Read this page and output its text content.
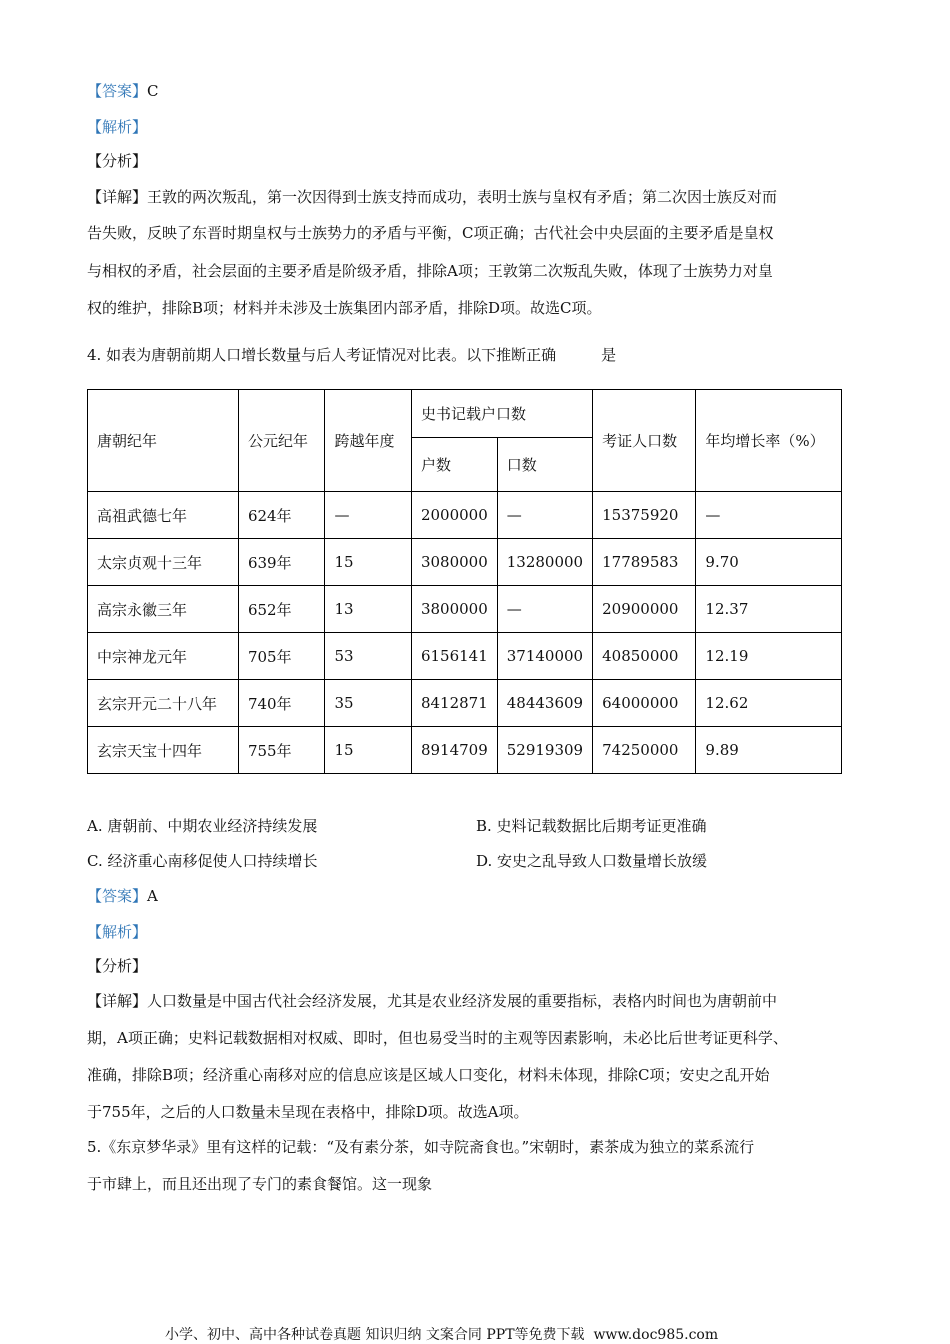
【答案】C
【解析】
【分析】
【详解】王敦的两次叛乱，第一次因得到士族支持而成功，表明士族与皇权有矛盾；第二次因士族反对而
告失败，反映了东晋时期皇权与士族势力的矛盾与平衡，C项正确；古代社会中央层面的主要矛盾是皇权
与相权的矛盾，社会层面的主要矛盾是阶级矛盾，排除A项；王敦第二次叛乱失败，体现了士族势力对皇
权的维护，排除B项；材料并未涉及士族集团内部矛盾，排除D项。故选C项。
4. 如表为唐朝前期人口增长数量与后人考证情况对比表。以下推断正确　　　是
唐朝纪年	公元纪年	跨越年度	史书记载户口数		考证人口数	年均增长率（%）
			户数	口数		
高祖武德七年	624年	—	2000000	—	15375920	—
太宗贞观十三年	639年	15	3080000	13280000	17789583	9.70
高宗永徽三年	652年	13	3800000	—	20900000	12.37
中宗神龙元年	705年	53	6156141	37140000	40850000	12.19
玄宗开元二十八年	740年	35	8412871	48443609	64000000	12.62
玄宗天宝十四年	755年	15	8914709	52919309	74250000	9.89
A. 唐朝前、中期农业经济持续发展	B. 史料记载数据比后期考证更准确
C. 经济重心南移促使人口持续增长	D. 安史之乱导致人口数量增长放缓
【答案】A
【解析】
【分析】
【详解】人口数量是中国古代社会经济发展，尤其是农业经济发展的重要指标，表格内时间也为唐朝前中
期，A项正确；史料记载数据相对权威、即时，但也易受当时的主观等因素影响，未必比后世考证更科学、
准确，排除B项；经济重心南移对应的信息应该是区域人口变化，材料未体现，排除C项；安史之乱开始
于755年，之后的人口数量未呈现在表格中，排除D项。故选A项。
5.《东京梦华录》里有这样的记载：“及有素分茶，如寺院斋食也。”宋朝时，素茶成为独立的菜系流行
于市肆上，而且还出现了专门的素食餐馆。这一现象
小学、初中、高中各种试卷真题 知识归纳 文案合同 PPT等免费下载 www.doc985.com
